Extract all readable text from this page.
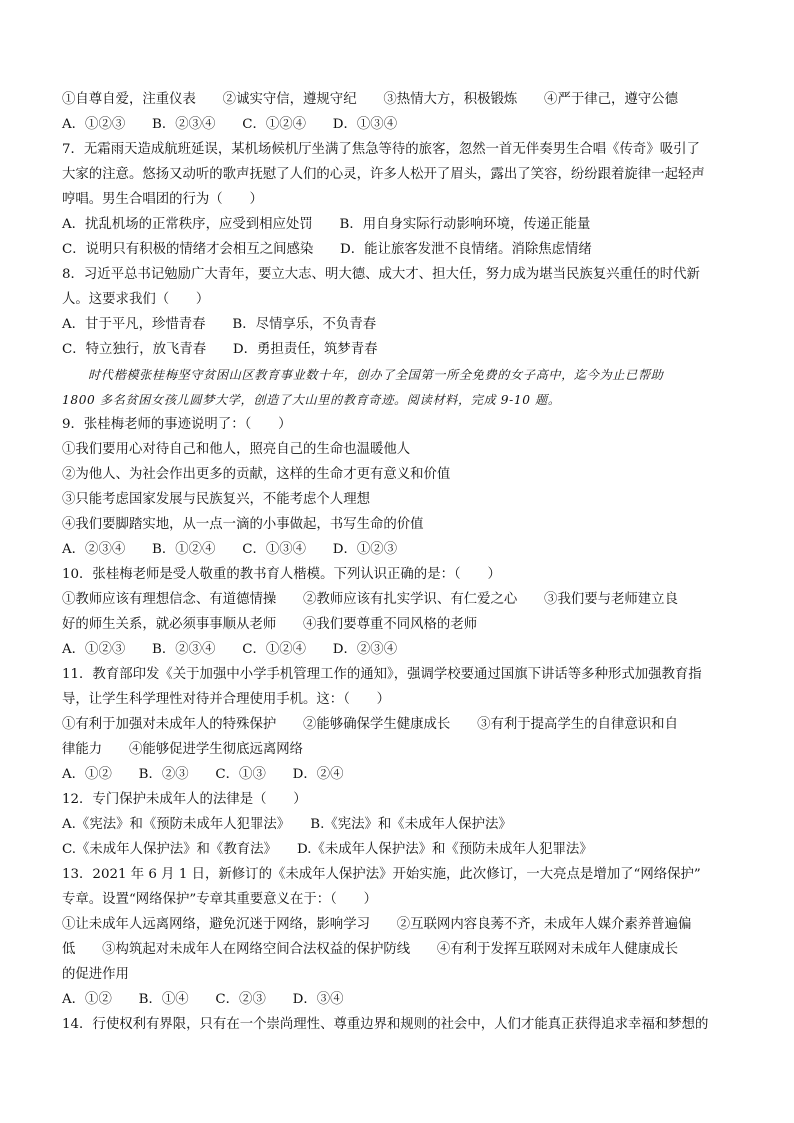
①自尊自爱，注重仪表　　②诚实守信，遵规守纪　　③热情大方，积极锻炼　　④严于律己，遵守公德
A．①②③　　B．②③④　　C．①②④　　D．①③④
7．无霜雨天造成航班延误，某机场候机厅坐满了焦急等待的旅客，忽然一首无伴奏男生合唱《传奇》吸引了
大家的注意。悠扬又动听的歌声抚慰了人们的心灵，许多人松开了眉头，露出了笑容，纷纷跟着旋律一起轻声
哼唱。男生合唱团的行为（　　）
A．扰乱机场的正常秩序，应受到相应处罚　　B．用自身实际行动影响环境，传递正能量
C．说明只有积极的情绪才会相互之间感染　　D．能让旅客发泄不良情绪。消除焦虑情绪
8．习近平总书记勉励广大青年，要立大志、明大德、成大才、担大任，努力成为堪当民族复兴重任的时代新
人。这要求我们（　　）
A．甘于平凡，珍惜青春　　B．尽情享乐，不负青春
C．特立独行，放飞青春　　D．勇担责任，筑梦青春
时代楷模张桂梅坚守贫困山区教育事业数十年，创办了全国第一所全免费的女子高中，迄今为止已帮助
1800 多名贫困女孩儿圆梦大学，创造了大山里的教育奇迹。阅读材料，完成 9-10 题。
9．张桂梅老师的事迹说明了：（　　）
①我们要用心对待自己和他人，照亮自己的生命也温暖他人
②为他人、为社会作出更多的贡献，这样的生命才更有意义和价值
③只能考虑国家发展与民族复兴，不能考虑个人理想
④我们要脚踏实地，从一点一滴的小事做起，书写生命的价值
A．②③④　　B．①②④　　C．①③④　　D．①②③
10．张桂梅老师是受人敬重的教书育人楷模。下列认识正确的是：（　　）
①教师应该有理想信念、有道德情操　　②教师应该有扎实学识、有仁爱之心　　③我们要与老师建立良
好的师生关系，就必须事事顺从老师　　④我们要尊重不同风格的老师
A．①②③　　B．②③④　　C．①②④　　D．②③④
11．教育部印发《关于加强中小学手机管理工作的通知》，强调学校要通过国旗下讲话等多种形式加强教育指
导，让学生科学理性对待并合理使用手机。这：（　　）
①有利于加强对未成年人的特殊保护　　②能够确保学生健康成长　　③有利于提高学生的自律意识和自
律能力　　④能够促进学生彻底远离网络
A．①②　　B．②③　　C．①③　　D．②④
12．专门保护未成年人的法律是（　　）
A.《宪法》和《预防未成年人犯罪法》　　B.《宪法》和《未成年人保护法》
C.《未成年人保护法》和《教育法》　　D.《未成年人保护法》和《预防未成年人犯罪法》
13．2021 年 6 月 1 日，新修订的《未成年人保护法》开始实施，此次修订，一大亮点是增加了“网络保护”
专章。设置“网络保护”专章其重要意义在于：（　　）
①让未成年人远离网络，避免沉迷于网络，影响学习　　②互联网内容良莠不齐，未成年人媒介素养普遍偏
低　　③构筑起对未成年人在网络空间合法权益的保护防线　　④有利于发挥互联网对未成年人健康成长
的促进作用
A．①②　　B．①④　　C．②③　　D．③④
14．行使权利有界限，只有在一个崇尚理性、尊重边界和规则的社会中，人们才能真正获得追求幸福和梦想的
